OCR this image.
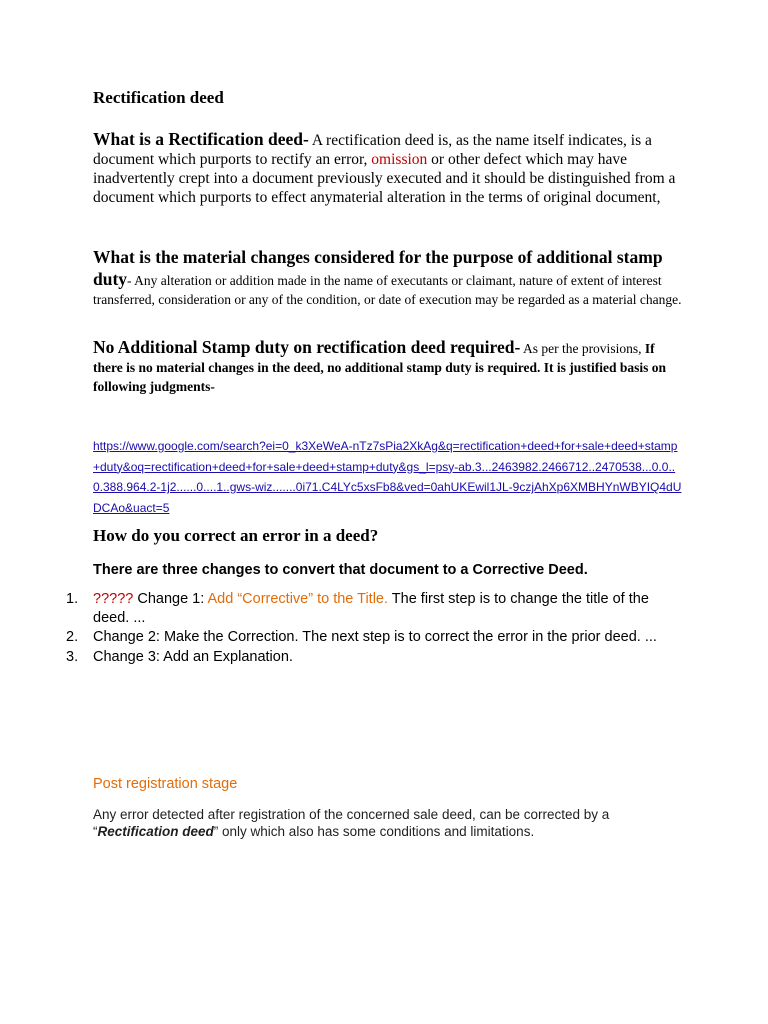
Rectification deed
What is a Rectification deed- A rectification deed is, as the name itself indicates, is a document which purports to rectify an error, omission or other defect which may have inadvertently crept into a document previously executed and it should be distinguished from a document which purports to effect anymaterial alteration in the terms of original document,
What is the material changes considered for the purpose of additional stamp duty- Any alteration or addition made in the name of executants or claimant, nature of extent of interest transferred, consideration or any of the condition, or date of execution may be regarded as a material change.
No Additional Stamp duty on rectification deed required- As per the provisions, If there is no material changes in the deed, no additional stamp duty is required. It is justified basis on following judgments-
https://www.google.com/search?ei=0_k3XeWeA-nTz7sPia2XkAg&q=rectification+deed+for+sale+deed+stamp+duty&oq=rectification+deed+for+sale+deed+stamp+duty&gs_l=psy-ab.3...2463982.2466712..2470538...0.0..0.388.964.2-1j2......0....1..gws-wiz.......0i71.C4LYc5xsFb8&ved=0ahUKEwil1JL-9czjAhXp6XMBHYnWBYIQ4dUDCAo&uact=5
How do you correct an error in a deed?
There are three changes to convert that document to a Corrective Deed.
1.	????? Change 1: Add “Corrective” to the Title. The first step is to change the title of the deed. ...
2.	Change 2: Make the Correction. The next step is to correct the error in the prior deed. ...
3.	Change 3: Add an Explanation.
Post registration stage
Any error detected after registration of the concerned sale deed, can be corrected by a “Rectification deed” only which also has some conditions and limitations.
